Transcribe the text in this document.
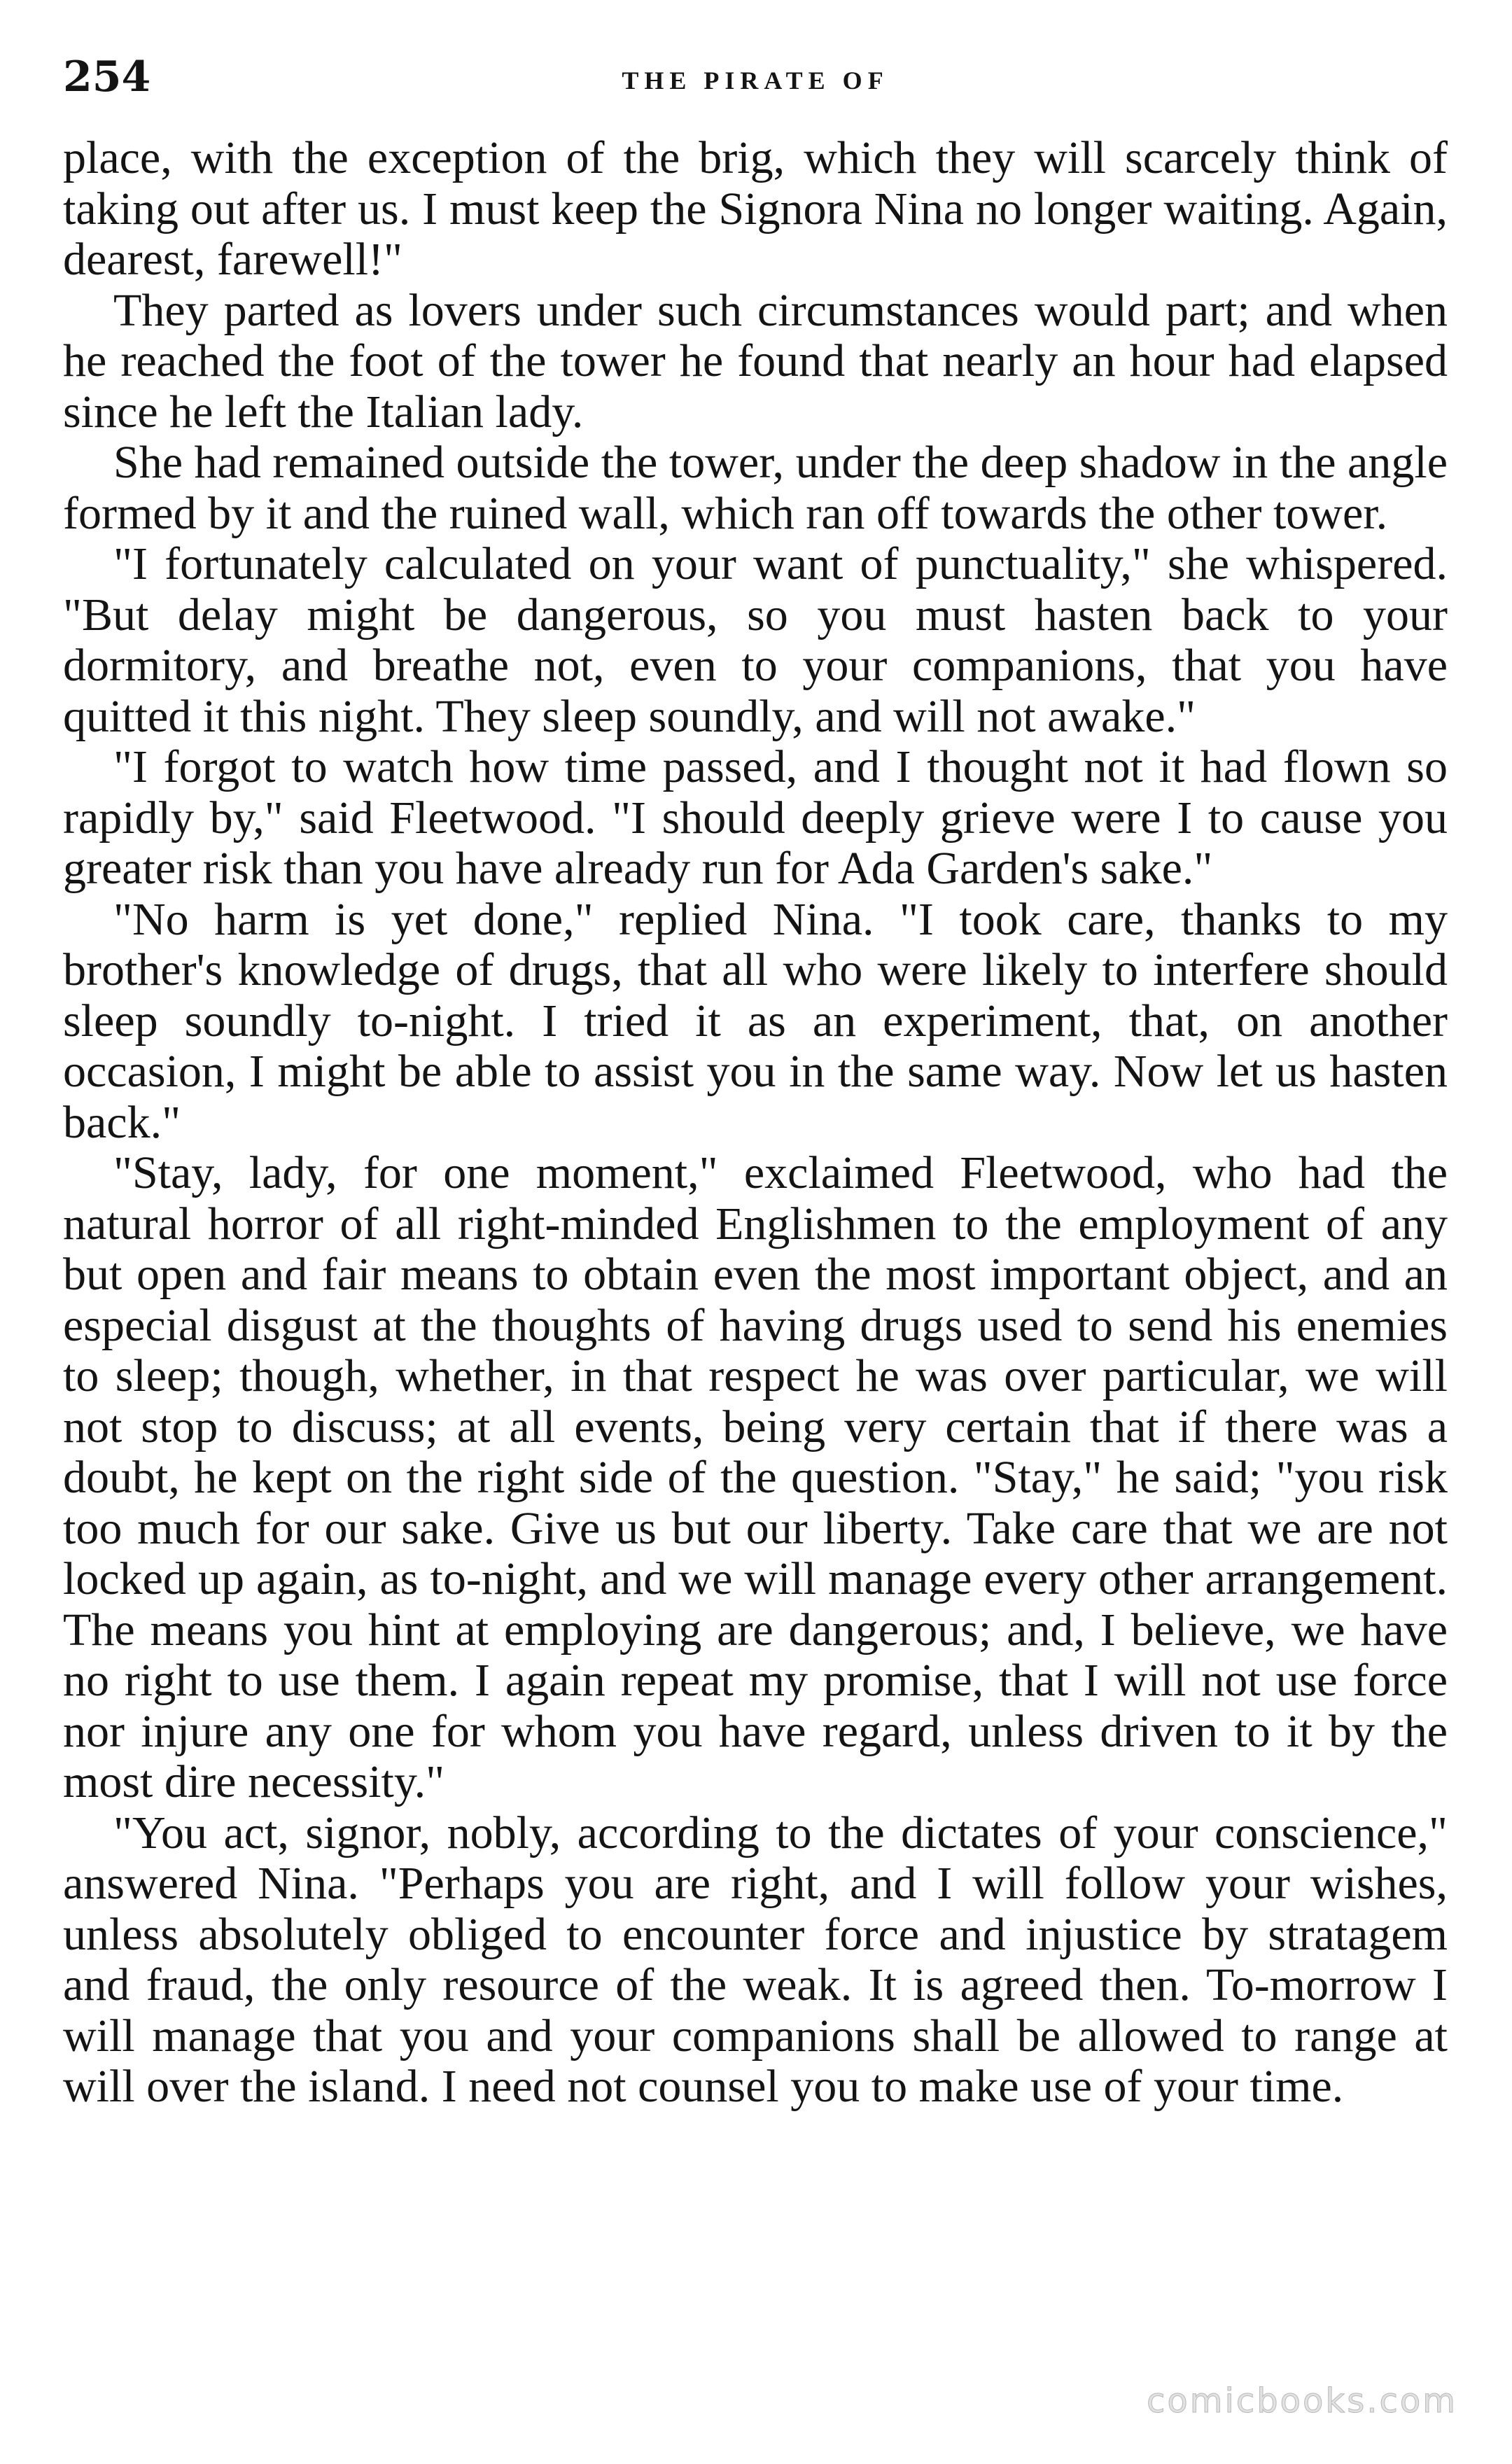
254	THE PIRATE OF

place, with the exception of the brig, which they will scarcely think of taking out after us. I must keep the Signora Nina no longer waiting. Again, dearest, farewell!"

They parted as lovers under such circumstances would part; and when he reached the foot of the tower he found that nearly an hour had elapsed since he left the Italian lady.

She had remained outside the tower, under the deep shadow in the angle formed by it and the ruined wall, which ran off towards the other tower.

"I fortunately calculated on your want of punctuality," she whispered. "But delay might be dangerous, so you must hasten back to your dormitory, and breathe not, even to your companions, that you have quitted it this night. They sleep soundly, and will not awake."

"I forgot to watch how time passed, and I thought not it had flown so rapidly by," said Fleetwood. "I should deeply grieve were I to cause you greater risk than you have already run for Ada Garden's sake."

"No harm is yet done," replied Nina. "I took care, thanks to my brother's knowledge of drugs, that all who were likely to interfere should sleep soundly to-night. I tried it as an experiment, that, on another occasion, I might be able to assist you in the same way. Now let us hasten back."

"Stay, lady, for one moment," exclaimed Fleetwood, who had the natural horror of all right-minded Englishmen to the employment of any but open and fair means to obtain even the most important object, and an especial disgust at the thoughts of having drugs used to send his enemies to sleep; though, whether, in that respect he was over particular, we will not stop to discuss; at all events, being very certain that if there was a doubt, he kept on the right side of the question. "Stay," he said; "you risk too much for our sake. Give us but our liberty. Take care that we are not locked up again, as to-night, and we will manage every other arrangement. The means you hint at employing are dangerous; and, I believe, we have no right to use them. I again repeat my promise, that I will not use force nor injure any one for whom you have regard, unless driven to it by the most dire necessity."

"You act, signor, nobly, according to the dictates of your conscience," answered Nina. "Perhaps you are right, and I will follow your wishes, unless absolutely obliged to encounter force and injustice by stratagem and fraud, the only resource of the weak. It is agreed then. To-morrow I will manage that you and your companions shall be allowed to range at will over the island. I need not counsel you to make use of your time.

comicbooks.com
